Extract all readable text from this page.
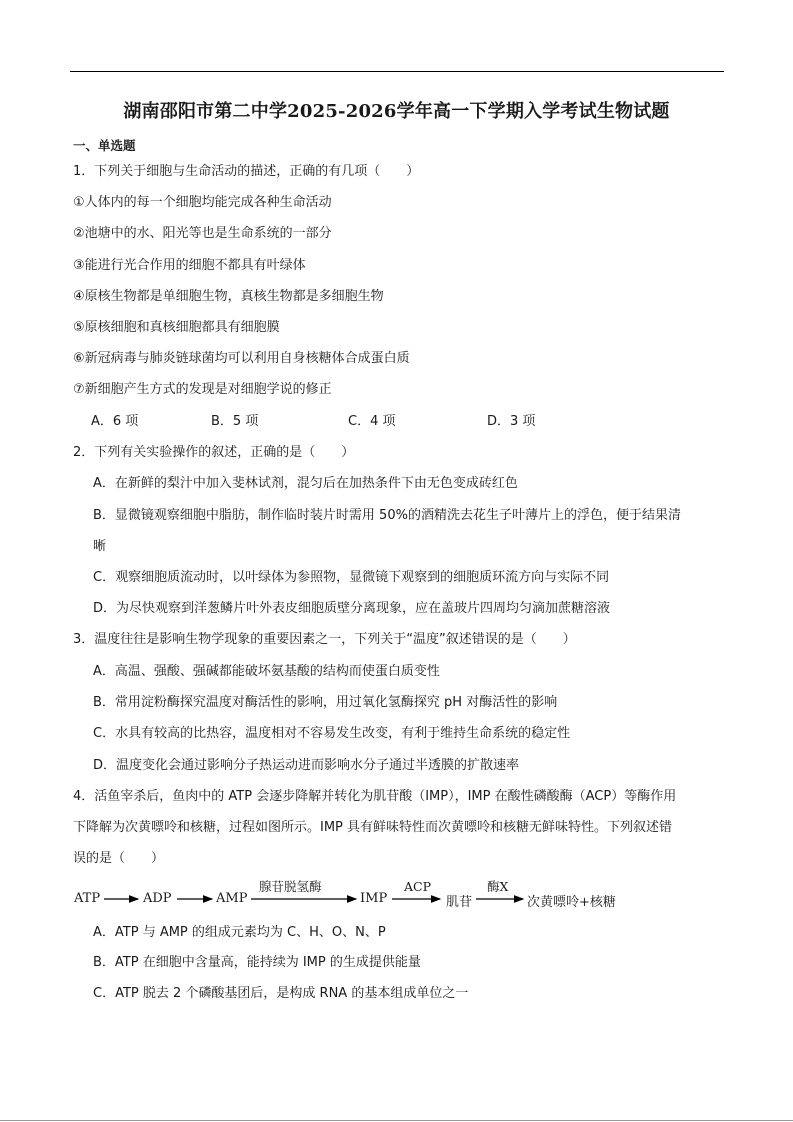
湖南邵阳市第二中学2025-2026学年高一下学期入学考试生物试题
一、单选题
1．下列关于细胞与生命活动的描述，正确的有几项（　　）
①人体内的每一个细胞均能完成各种生命活动
②池塘中的水、阳光等也是生命系统的一部分
③能进行光合作用的细胞不都具有叶绿体
④原核生物都是单细胞生物，真核生物都是多细胞生物
⑤原核细胞和真核细胞都具有细胞膜
⑥新冠病毒与肺炎链球菌均可以利用自身核糖体合成蛋白质
⑦新细胞产生方式的发现是对细胞学说的修正
A．6 项	B．5 项	C．4 项	D．3 项
2．下列有关实验操作的叙述，正确的是（　　）
A．在新鲜的梨汁中加入斐林试剂，混匀后在加热条件下由无色变成砖红色
B．显微镜观察细胞中脂肪，制作临时装片时需用 50%的酒精洗去花生子叶薄片上的浮色，便于结果清
晰
C．观察细胞质流动时，以叶绿体为参照物，显微镜下观察到的细胞质环流方向与实际不同
D．为尽快观察到洋葱鳞片叶外表皮细胞质壁分离现象，应在盖玻片四周均匀滴加蔗糖溶液
3．温度往往是影响生物学现象的重要因素之一，下列关于“温度”叙述错误的是（　　）
A．高温、强酸、强碱都能破坏氨基酸的结构而使蛋白质变性
B．常用淀粉酶探究温度对酶活性的影响，用过氧化氢酶探究 pH 对酶活性的影响
C．水具有较高的比热容，温度相对不容易发生改变，有利于维持生命系统的稳定性
D．温度变化会通过影响分子热运动进而影响水分子通过半透膜的扩散速率
4．活鱼宰杀后，鱼肉中的 ATP 会逐步降解并转化为肌苷酸（IMP），IMP 在酸性磷酸酶（ACP）等酶作用
下降解为次黄嘌呤和核糖，过程如图所示。IMP 具有鲜味特性而次黄嘌呤和核糖无鲜味特性。下列叙述错
误的是（　　）
ATP	ADP	AMP
腺苷脱氢酶
IMP
ACP
肌苷
酶X
次黄嘌呤+核糖
A．ATP 与 AMP 的组成元素均为 C、H、O、N、P
B．ATP 在细胞中含量高，能持续为 IMP 的生成提供能量
C．ATP 脱去 2 个磷酸基团后，是构成 RNA 的基本组成单位之一
